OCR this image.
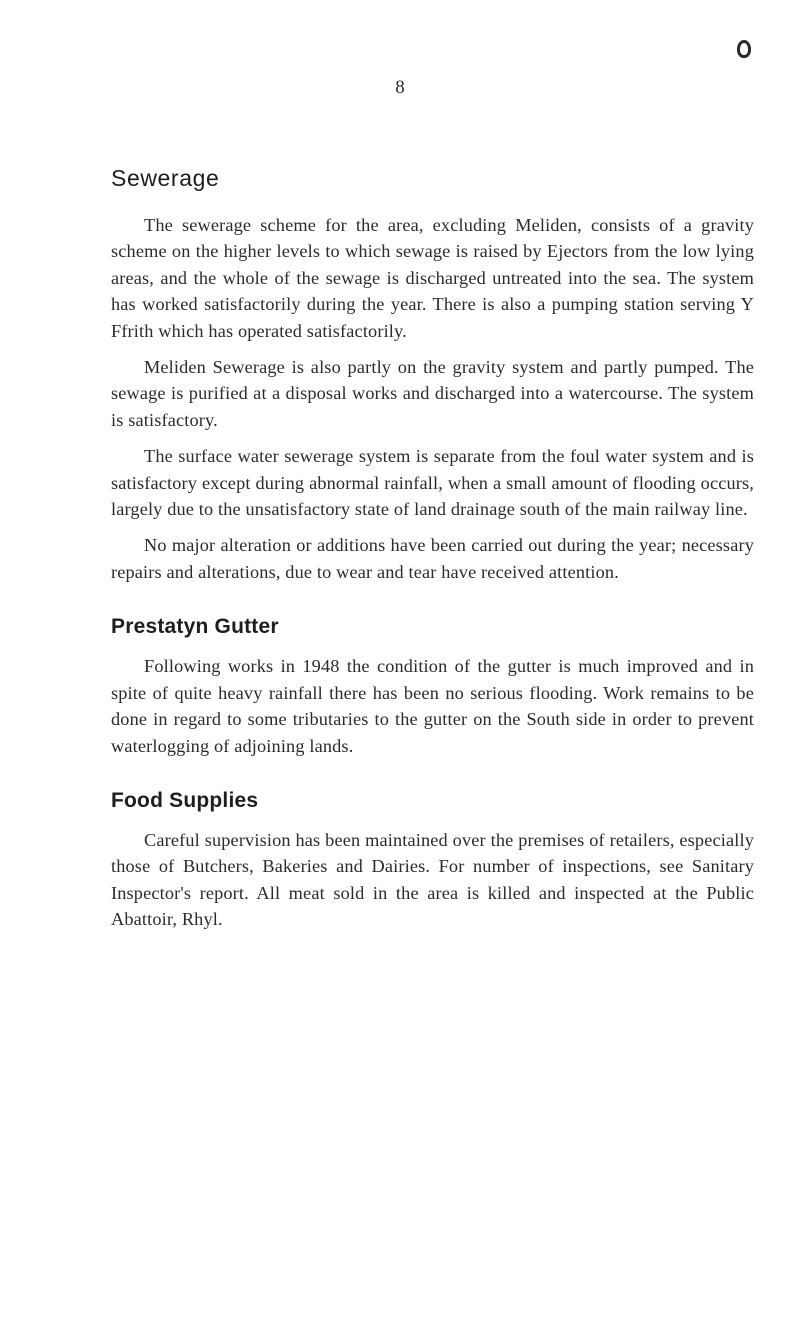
8
Sewerage

The sewerage scheme for the area, excluding Meliden, consists of a gravity scheme on the higher levels to which sewage is raised by Ejectors from the low lying areas, and the whole of the sewage is discharged untreated into the sea. The system has worked satisfactorily during the year. There is also a pumping station serving Y Ffrith which has operated satisfactorily.

Meliden Sewerage is also partly on the gravity system and partly pumped. The sewage is purified at a disposal works and discharged into a watercourse. The system is satisfactory.

The surface water sewerage system is separate from the foul water system and is satisfactory except during abnormal rainfall, when a small amount of flooding occurs, largely due to the unsatisfactory state of land drainage south of the main railway line.

No major alteration or additions have been carried out during the year; necessary repairs and alterations, due to wear and tear have received attention.

Prestatyn Gutter

Following works in 1948 the condition of the gutter is much improved and in spite of quite heavy rainfall there has been no serious flooding. Work remains to be done in regard to some tributaries to the gutter on the South side in order to prevent waterlogging of adjoining lands.

Food Supplies

Careful supervision has been maintained over the premises of retailers, especially those of Butchers, Bakeries and Dairies. For number of inspections, see Sanitary Inspector's report. All meat sold in the area is killed and inspected at the Public Abattoir, Rhyl.
